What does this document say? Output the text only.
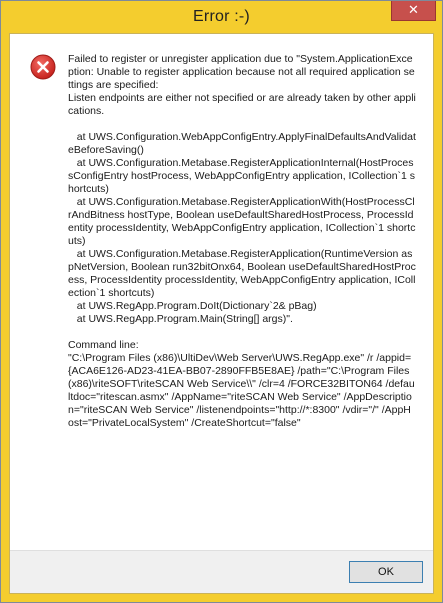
Error :-)	✕
Failed to register or unregister application due to "System.ApplicationException: Unable to register application because not all required application settings are specified:
Listen endpoints are either not specified or are already taken by other applications.

at UWS.Configuration.WebAppConfigEntry.ApplyFinalDefaultsAndValidateBeforeSaving()
at UWS.Configuration.Metabase.RegisterApplicationInternal(HostProcessConfigEntry hostProcess, WebAppConfigEntry application, ICollection`1 shortcuts)
at UWS.Configuration.Metabase.RegisterApplicationWith(HostProcessClrAndBitness hostType, Boolean useDefaultSharedHostProcess, ProcessIdentity processIdentity, WebAppConfigEntry application, ICollection`1 shortcuts)
at UWS.Configuration.Metabase.RegisterApplication(RuntimeVersion aspNetVersion, Boolean run32bitOnx64, Boolean useDefaultSharedHostProcess, ProcessIdentity processIdentity, WebAppConfigEntry application, ICollection`1 shortcuts)
at UWS.RegApp.Program.DoIt(Dictionary`2& pBag)
at UWS.RegApp.Program.Main(String[] args)".

Command line:
"C:\Program Files (x86)\UltiDev\Web Server\UWS.RegApp.exe" /r /appid={ACA6E126-AD23-41EA-BB07-2890FFB5E8AE} /path="C:\Program Files (x86)\riteSOFT\riteSCAN Web Service\\" /clr=4 /FORCE32BITON64 /defaultdoc="ritescan.asmx" /AppName="riteSCAN Web Service" /AppDescription="riteSCAN Web Service" /listenendpoints="http://*:8300" /vdir="/" /AppHost="PrivateLocalSystem" /CreateShortcut="false"
OK
